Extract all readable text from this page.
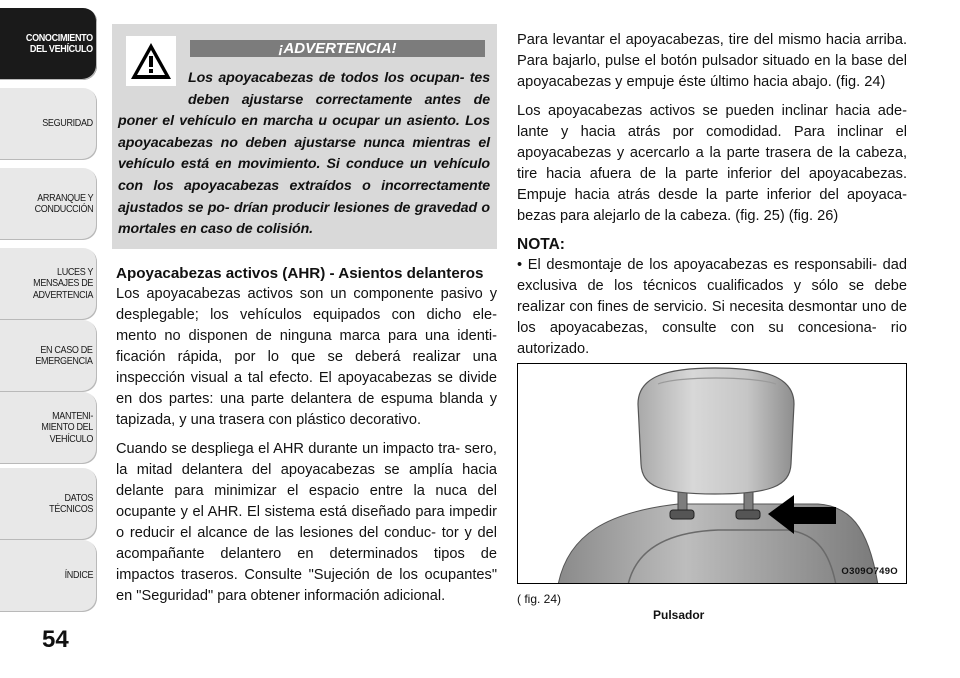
CONOCIMIENTO
DEL VEHÍCULO
SEGURIDAD
ARRANQUE Y
CONDUCCIÓN
LUCES Y
MENSAJES DE
ADVERTENCIA
EN CASO DE
EMERGENCIA
MANTENI-
MIENTO DEL
VEHÍCULO
DATOS
TÉCNICOS
ÍNDICE
54
¡ADVERTENCIA!

Los apoyacabezas de todos los ocupan- tes deben ajustarse correctamente antes de poner el vehículo en marcha u ocupar un asiento. Los apoyacabezas no deben ajustarse nunca mientras el vehículo está en movimiento. Si conduce un vehículo con los apoyacabezas extraídos o incorrectamente ajustados se po- drían producir lesiones de gravedad o mortales en caso de colisión.

Apoyacabezas activos (AHR) - Asientos delanteros

Los apoyacabezas activos son un componente pasivo y desplegable; los vehículos equipados con dicho ele- mento no disponen de ninguna marca para una identi- ficación rápida, por lo que se deberá realizar una inspección visual a tal efecto. El apoyacabezas se divide en dos partes: una parte delantera de espuma blanda y tapizada, y una trasera con plástico decorativo.

Cuando se despliega el AHR durante un impacto tra- sero, la mitad delantera del apoyacabezas se amplía hacia delante para minimizar el espacio entre la nuca del ocupante y el AHR. El sistema está diseñado para impedir o reducir el alcance de las lesiones del conduc- tor y del acompañante delantero en determinados tipos de impactos traseros. Consulte "Sujeción de los ocupantes" en "Seguridad" para obtener información adicional.

Para levantar el apoyacabezas, tire del mismo hacia arriba. Para bajarlo, pulse el botón pulsador situado en la base del apoyacabezas y empuje éste último hacia abajo. (fig. 24)

Los apoyacabezas activos se pueden inclinar hacia ade- lante y hacia atrás por comodidad. Para inclinar el apoyacabezas y acercarlo a la parte trasera de la cabeza, tire hacia afuera de la parte inferior del apoyacabezas. Empuje hacia atrás desde la parte inferior del apoyaca- bezas para alejarlo de la cabeza. (fig. 25) (fig. 26)

NOTA:

• El desmontaje de los apoyacabezas es responsabili- dad exclusiva de los técnicos cualificados y sólo se debe realizar con fines de servicio. Si necesita desmontar uno de los apoyacabezas, consulte con su concesiona- rio autorizado.

O309O749O
( fig. 24)
Pulsador
